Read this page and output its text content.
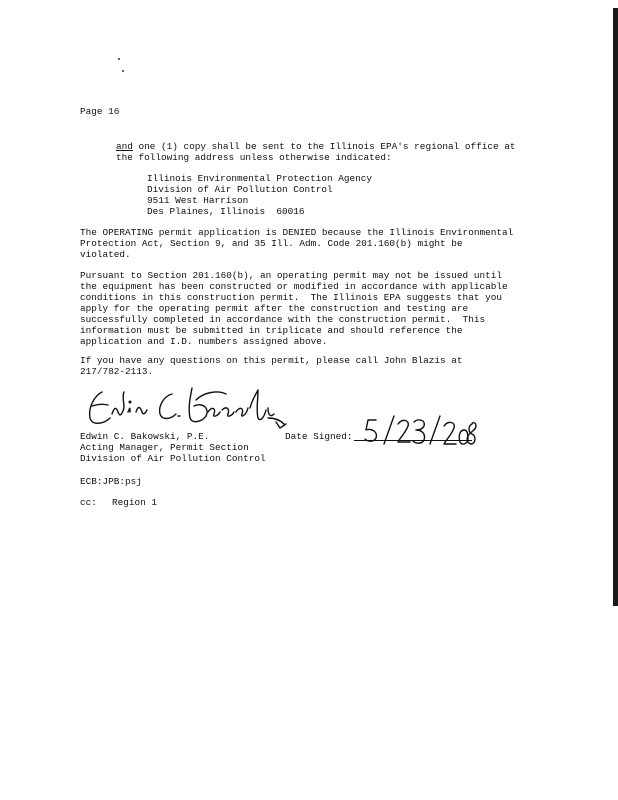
Page 16
and one (1) copy shall be sent to the Illinois EPA's regional office at
the following address unless otherwise indicated:
Illinois Environmental Protection Agency
Division of Air Pollution Control
9511 West Harrison
Des Plaines, Illinois  60016
The OPERATING permit application is DENIED because the Illinois Environmental
Protection Act, Section 9, and 35 Ill. Adm. Code 201.160(b) might be
violated.
Pursuant to Section 201.160(b), an operating permit may not be issued until
the equipment has been constructed or modified in accordance with applicable
conditions in this construction permit.  The Illinois EPA suggests that you
apply for the operating permit after the construction and testing are
successfully completed in accordance with the construction permit.  This
information must be submitted in triplicate and should reference the
application and I.D. numbers assigned above.
If you have any questions on this permit, please call John Blazis at
217/782-2113.
Edwin C. Bakowski, P.E.
Acting Manager, Permit Section
Division of Air Pollution Control
Date Signed:
ECB:JPB:psj
cc: Region 1
